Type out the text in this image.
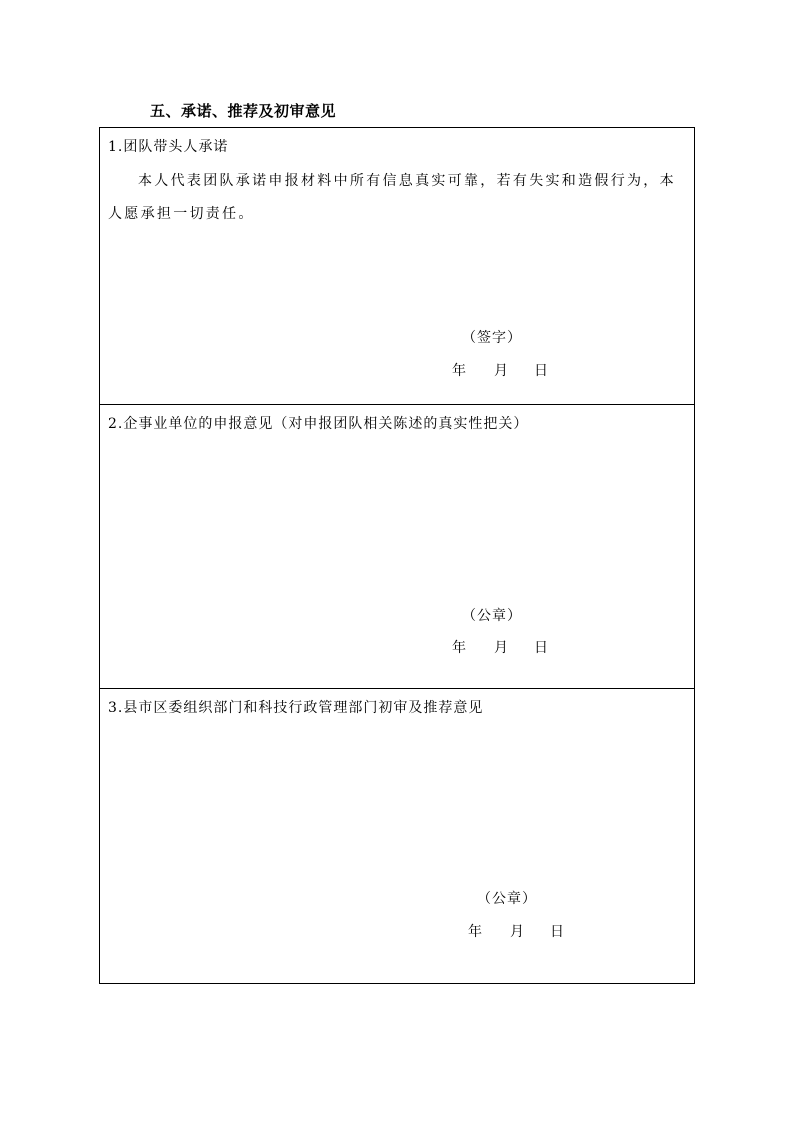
五、承诺、推荐及初审意见
1.团队带头人承诺
本人代表团队承诺申报材料中所有信息真实可靠，若有失实和造假行为，本人愿承担一切责任。
（签字）
年 月 日
2.企事业单位的申报意见（对申报团队相关陈述的真实性把关）
（公章）
年 月 日
3.县市区委组织部门和科技行政管理部门初审及推荐意见
（公章）
年 月 日
